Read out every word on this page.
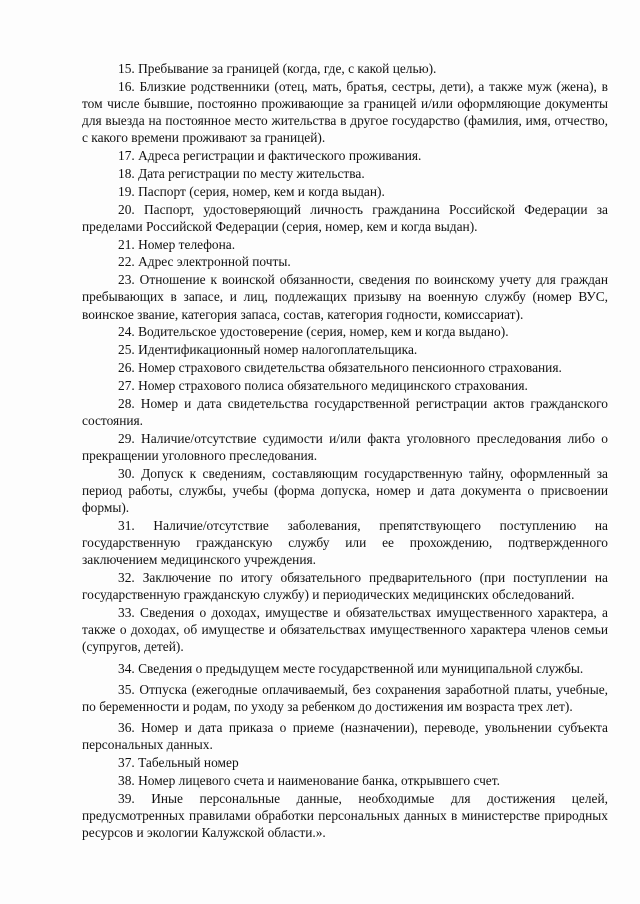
15. Пребывание за границей (когда, где, с какой целью).

16. Близкие родственники (отец, мать, братья, сестры, дети), а также муж (жена), в том числе бывшие, постоянно проживающие за границей и/или оформляющие документы для выезда на постоянное место жительства в другое государство (фамилия, имя, отчество, с какого времени проживают за границей).

17. Адреса регистрации и фактического проживания.

18. Дата регистрации по месту жительства.

19. Паспорт (серия, номер, кем и когда выдан).

20. Паспорт, удостоверяющий личность гражданина Российской Федерации за пределами Российской Федерации (серия, номер, кем и когда выдан).

21. Номер телефона.

22. Адрес электронной почты.

23. Отношение к воинской обязанности, сведения по воинскому учету для граждан пребывающих в запасе, и лиц, подлежащих призыву на военную службу (номер ВУС, воинское звание, категория запаса, состав, категория годности, комиссариат).

24. Водительское удостоверение (серия, номер, кем и когда выдано).

25. Идентификационный номер налогоплательщика.

26. Номер страхового свидетельства обязательного пенсионного страхования.

27. Номер страхового полиса обязательного медицинского страхования.

28. Номер и дата свидетельства государственной регистрации актов гражданского состояния.

29. Наличие/отсутствие судимости и/или факта уголовного преследования либо о прекращении уголовного преследования.

30. Допуск к сведениям, составляющим государственную тайну, оформленный за период работы, службы, учебы (форма допуска, номер и дата документа о присвоении формы).

31. Наличие/отсутствие заболевания, препятствующего поступлению на государственную гражданскую службу или ее прохождению, подтвержденного заключением медицинского учреждения.

32. Заключение по итогу обязательного предварительного (при поступлении на государственную гражданскую службу) и периодических медицинских обследований.

33. Сведения о доходах, имуществе и обязательствах имущественного характера, а также о доходах, об имуществе и обязательствах имущественного характера членов семьи (супругов, детей).

34. Сведения о предыдущем месте государственной или муниципальной службы.

35. Отпуска (ежегодные оплачиваемый, без сохранения заработной платы, учебные, по беременности и родам, по уходу за ребенком до достижения им возраста трех лет).

36. Номер и дата приказа о приеме (назначении), переводе, увольнении субъекта персональных данных.

37. Табельный номер

38. Номер лицевого счета и наименование банка, открывшего счет.

39. Иные персональные данные, необходимые для достижения целей, предусмотренных правилами обработки персональных данных в министерстве природных ресурсов и экологии Калужской области.».
